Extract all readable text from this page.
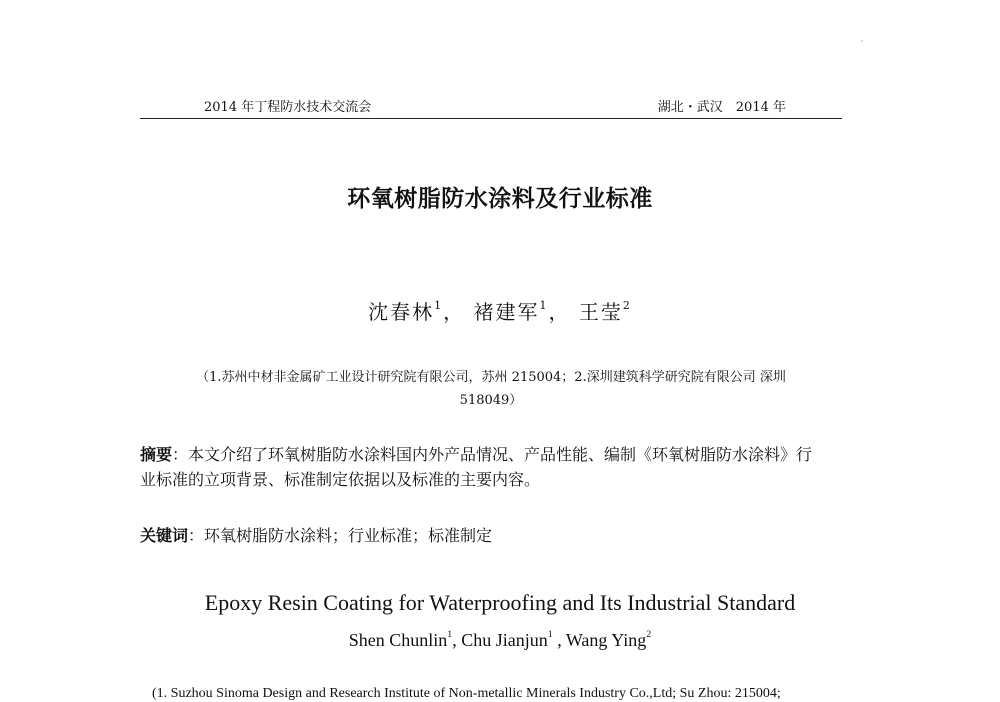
2014 年丁程防水技术交流会	湖北・武汉　2014 年
环氧树脂防水涂料及行业标准
沈春林$^1$， 褚建军$^1$， 王莹$^2$
（1.苏州中材非金属矿工业设计研究院有限公司，苏州 215004；2.深圳建筑科学研究院有限公司 深圳
518049）
摘要：本文介绍了环氧树脂防水涂料国内外产品情况、产品性能、编制《环氧树脂防水涂料》行业标准的立项背景、标准制定依据以及标准的主要内容。
关键词：环氧树脂防水涂料；行业标准；标准制定
Epoxy Resin Coating for Waterproofing and Its Industrial Standard
Shen Chunlin$^1$, Chu Jianjun$^1$ , Wang Ying$^2$
(1. Suzhou Sinoma Design and Research Institute of Non-metallic Minerals Industry Co.,Ltd; Su Zhou: 215004;
